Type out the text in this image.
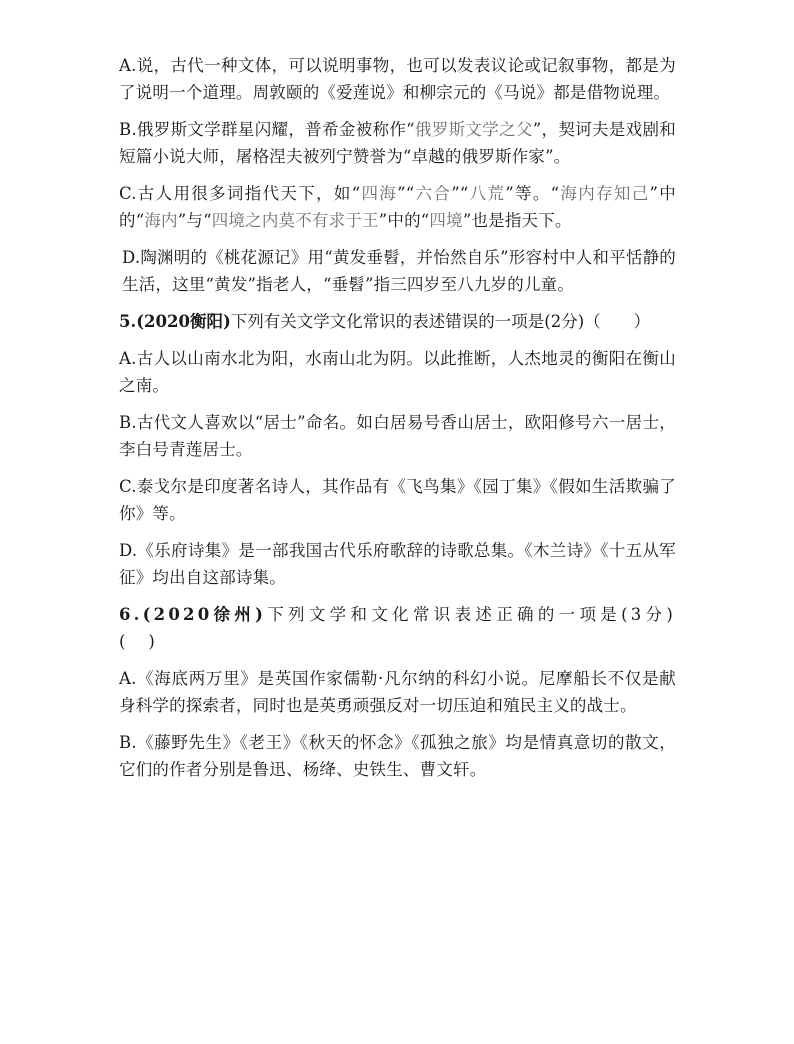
A.说，古代一种文体，可以说明事物，也可以发表议论或记叙事物，都是为了说明一个道理。周敦颐的《爱莲说》和柳宗元的《马说》都是借物说理。

B.俄罗斯文学群星闪耀，普希金被称作“俄罗斯文学之父”，契诃夫是戏剧和短篇小说大师，屠格涅夫被列宁赞誉为“卓越的俄罗斯作家”。

C.古人用很多词指代天下，如“四海”“六合”“八荒”等。“海内存知己”中的“海内”与“四境之内莫不有求于王”中的“四境”也是指天下。

D.陶渊明的《桃花源记》用“黄发垂髫，并怡然自乐”形容村中人和平恬静的生活，这里“黄发”指老人，“垂髫”指三四岁至八九岁的儿童。

5.(2020衡阳)下列有关文学文化常识的表述错误的一项是(2分)（　　）

A.古人以山南水北为阳，水南山北为阴。以此推断，人杰地灵的衡阳在衡山之南。

B.古代文人喜欢以“居士”命名。如白居易号香山居士，欧阳修号六一居士，李白号青莲居士。

C.泰戈尔是印度著名诗人，其作品有《飞鸟集》《园丁集》《假如生活欺骗了你》等。

D.《乐府诗集》是一部我国古代乐府歌辞的诗歌总集。《木兰诗》《十五从军征》均出自这部诗集。

6.(2020徐州)下列文学和文化常识表述正确的一项是(3分)(　)

A.《海底两万里》是英国作家儒勒·凡尔纳的科幻小说。尼摩船长不仅是献身科学的探索者，同时也是英勇顽强反对一切压迫和殖民主义的战士。

B.《藤野先生》《老王》《秋天的怀念》《孤独之旅》均是情真意切的散文，它们的作者分别是鲁迅、杨绛、史铁生、曹文轩。
